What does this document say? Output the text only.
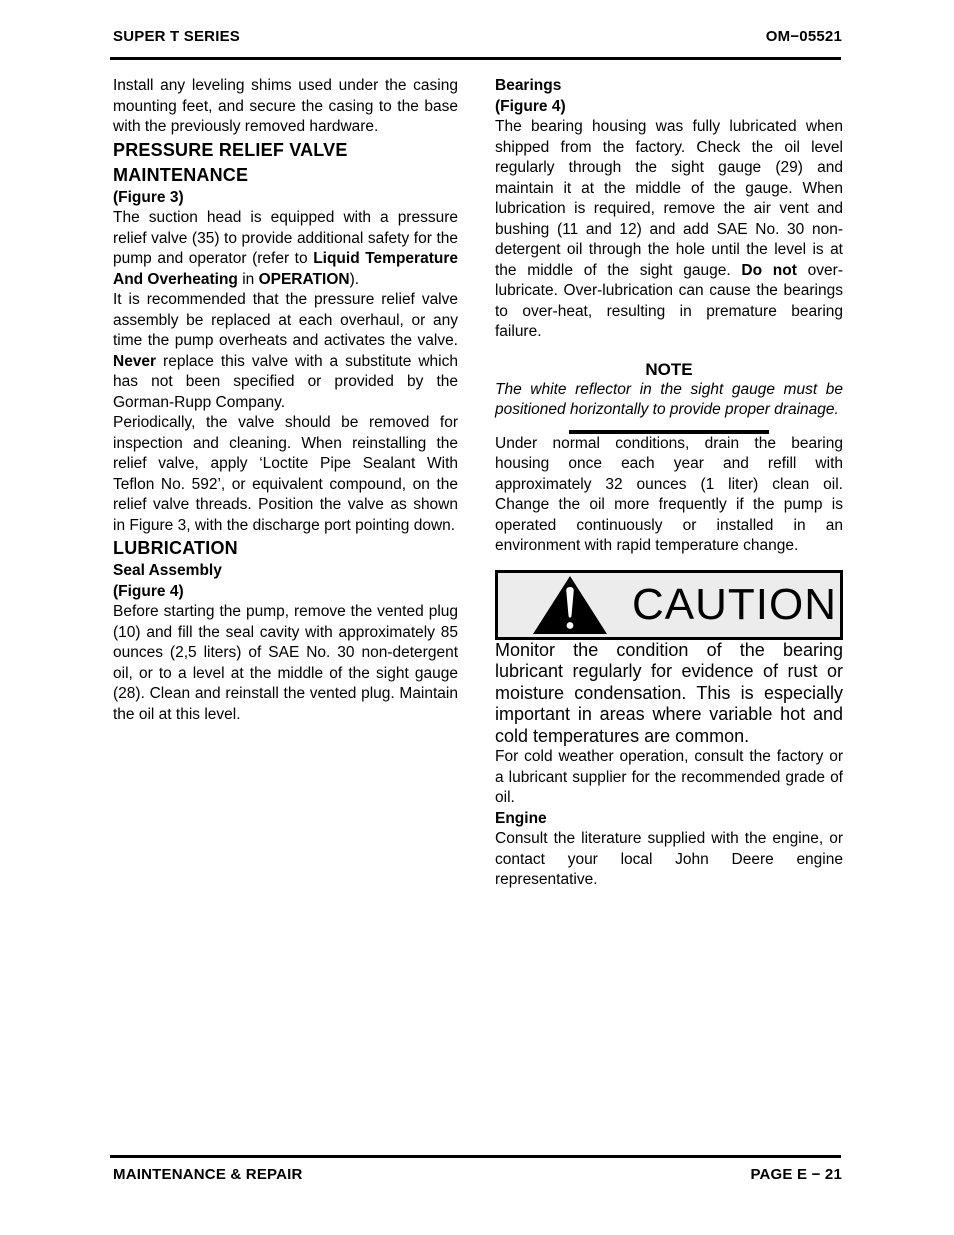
SUPER T SERIES	OM−05521

Install any leveling shims used under the casing mounting feet, and secure the casing to the base with the previously removed hardware.

PRESSURE RELIEF VALVE MAINTENANCE

(Figure 3)

The suction head is equipped with a pressure relief valve (35) to provide additional safety for the pump and operator (refer to Liquid Temperature And Overheating in OPERATION).

It is recommended that the pressure relief valve assembly be replaced at each overhaul, or any time the pump overheats and activates the valve. Never replace this valve with a substitute which has not been specified or provided by the Gorman-Rupp Company.

Periodically, the valve should be removed for inspection and cleaning. When reinstalling the relief valve, apply ‘Loctite Pipe Sealant With Teflon No. 592’, or equivalent compound, on the relief valve threads. Position the valve as shown in Figure 3, with the discharge port pointing down.

LUBRICATION
Seal Assembly

(Figure 4)

Before starting the pump, remove the vented plug (10) and fill the seal cavity with approximately 85 ounces (2,5 liters) of SAE No. 30 non-detergent oil, or to a level at the middle of the sight gauge (28). Clean and reinstall the vented plug. Maintain the oil at this level.

Bearings

(Figure 4)

The bearing housing was fully lubricated when shipped from the factory. Check the oil level regularly through the sight gauge (29) and maintain it at the middle of the gauge. When lubrication is required, remove the air vent and bushing (11 and 12) and add SAE No. 30 non-detergent oil through the hole until the level is at the middle of the sight gauge. Do not over-lubricate. Over-lubrication can cause the bearings to over-heat, resulting in premature bearing failure.

NOTE

The white reflector in the sight gauge must be positioned horizontally to provide proper drainage.

Under normal conditions, drain the bearing housing once each year and refill with approximately 32 ounces (1 liter) clean oil. Change the oil more frequently if the pump is operated continuously or installed in an environment with rapid temperature change.

CAUTION

Monitor the condition of the bearing lubricant regularly for evidence of rust or moisture condensation. This is especially important in areas where variable hot and cold temperatures are common.

For cold weather operation, consult the factory or a lubricant supplier for the recommended grade of oil.

Engine

Consult the literature supplied with the engine, or contact your local John Deere engine representative.

MAINTENANCE & REPAIR	PAGE E − 21
